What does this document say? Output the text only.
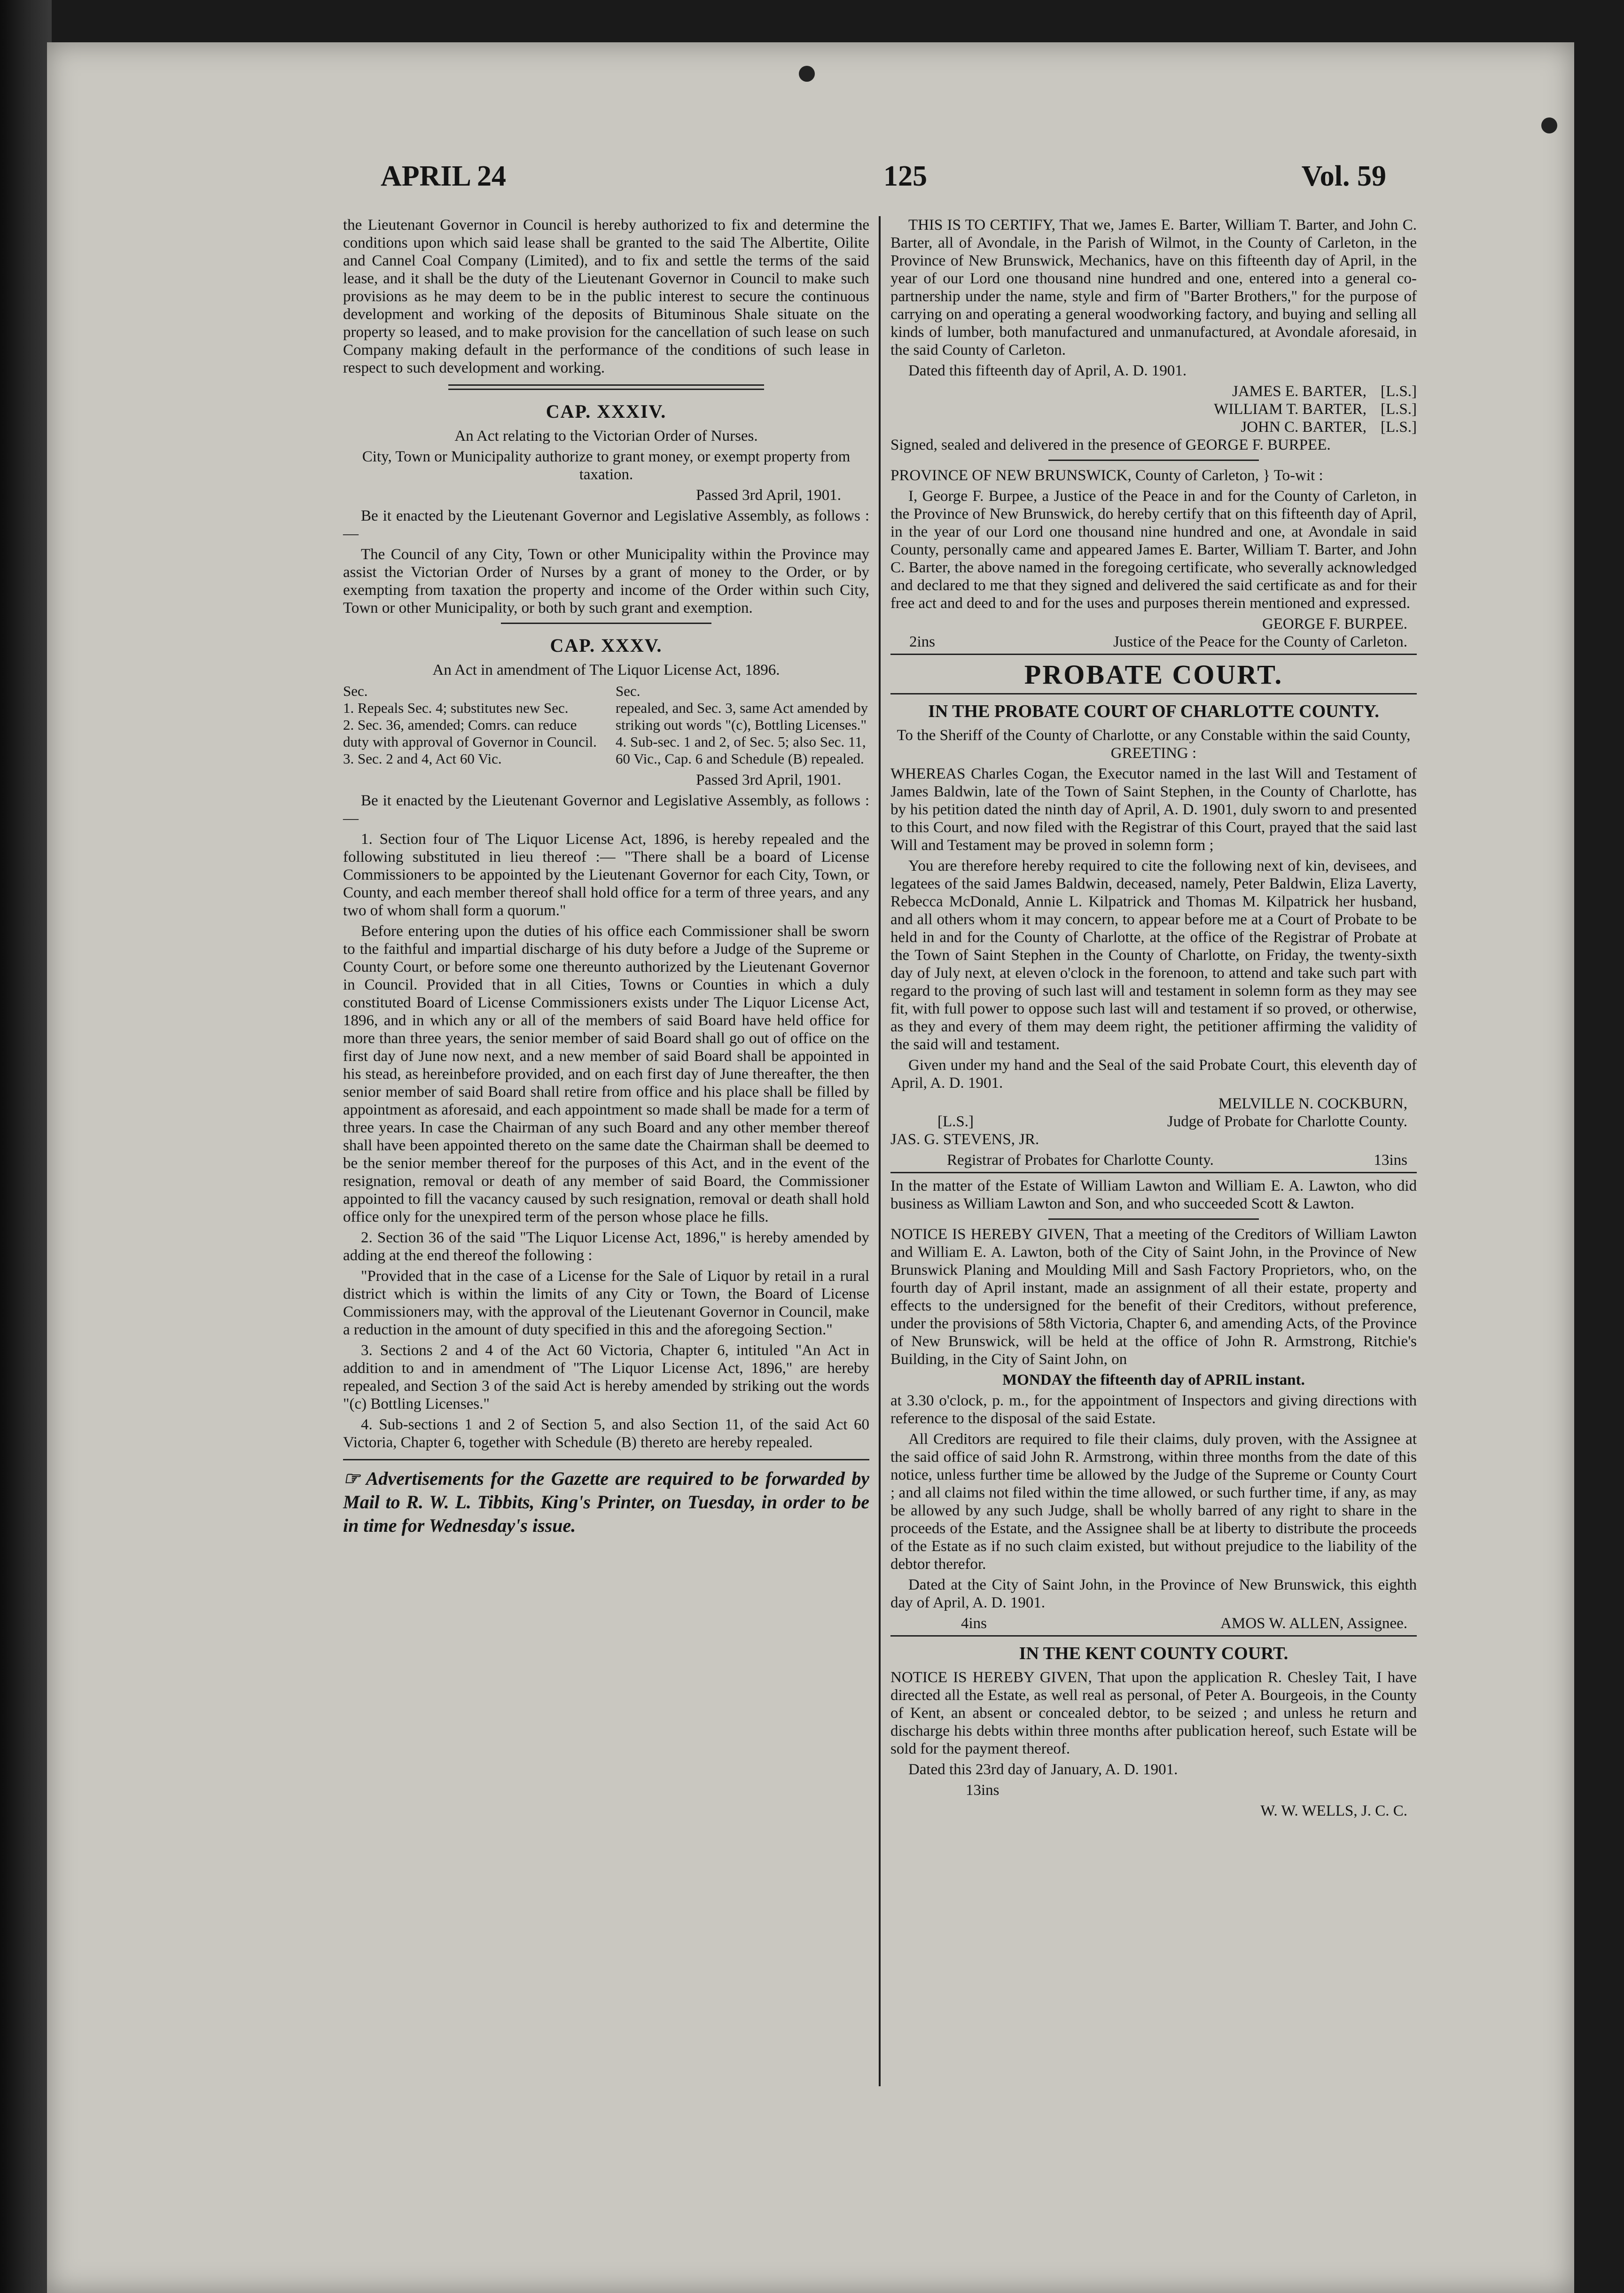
APRIL 24	125	Vol. 59

the Lieutenant Governor in Council is hereby authorized to fix and determine the conditions upon which said lease shall be granted to the said The Albertite, Oilite and Cannel Coal Company (Limited), and to fix and settle the terms of the said lease, and it shall be the duty of the Lieutenant Governor in Council to make such provisions as he may deem to be in the public interest to secure the continuous development and working of the deposits of Bituminous Shale situate on the property so leased, and to make provision for the cancellation of such lease on such Company making default in the performance of the conditions of such lease in respect to such development and working.

CAP. XXXIV.

An Act relating to the Victorian Order of Nurses.

City, Town or Municipality authorize to grant money, or exempt property from taxation.

Passed 3rd April, 1901.

Be it enacted by the Lieutenant Governor and Legislative Assembly, as follows :—

The Council of any City, Town or other Municipality within the Province may assist the Victorian Order of Nurses by a grant of money to the Order, or by exempting from taxation the property and income of the Order within such City, Town or other Municipality, or both by such grant and exemption.

CAP. XXXV.

An Act in amendment of The Liquor License Act, 1896.

Sec.
1. Repeals Sec. 4; substitutes new Sec.
2. Sec. 36, amended; Comrs. can reduce duty with approval of Governor in Council.
3. Sec. 2 and 4, Act 60 Vic.
Sec.
repealed, and Sec. 3, same Act amended by striking out words "(c), Bottling Licenses."
4. Sub-sec. 1 and 2, of Sec. 5; also Sec. 11, 60 Vic., Cap. 6 and Schedule (B) repealed.

Passed 3rd April, 1901.

Be it enacted by the Lieutenant Governor and Legislative Assembly, as follows :—

1. Section four of The Liquor License Act, 1896, is hereby repealed and the following substituted in lieu thereof :— "There shall be a board of License Commissioners to be appointed by the Lieutenant Governor for each City, Town, or County, and each member thereof shall hold office for a term of three years, and any two of whom shall form a quorum."

Before entering upon the duties of his office each Commissioner shall be sworn to the faithful and impartial discharge of his duty before a Judge of the Supreme or County Court, or before some one thereunto authorized by the Lieutenant Governor in Council. Provided that in all Cities, Towns or Counties in which a duly constituted Board of License Commissioners exists under The Liquor License Act, 1896, and in which any or all of the members of said Board have held office for more than three years, the senior member of said Board shall go out of office on the first day of June now next, and a new member of said Board shall be appointed in his stead, as hereinbefore provided, and on each first day of June thereafter, the then senior member of said Board shall retire from office and his place shall be filled by appointment as aforesaid, and each appointment so made shall be made for a term of three years. In case the Chairman of any such Board and any other member thereof shall have been appointed thereto on the same date the Chairman shall be deemed to be the senior member thereof for the purposes of this Act, and in the event of the resignation, removal or death of any member of said Board, the Commissioner appointed to fill the vacancy caused by such resignation, removal or death shall hold office only for the unexpired term of the person whose place he fills.

2. Section 36 of the said "The Liquor License Act, 1896," is hereby amended by adding at the end thereof the following :

"Provided that in the case of a License for the Sale of Liquor by retail in a rural district which is within the limits of any City or Town, the Board of License Commissioners may, with the approval of the Lieutenant Governor in Council, make a reduction in the amount of duty specified in this and the aforegoing Section."

3. Sections 2 and 4 of the Act 60 Victoria, Chapter 6, intituled "An Act in addition to and in amendment of "The Liquor License Act, 1896," are hereby repealed, and Section 3 of the said Act is hereby amended by striking out the words "(c) Bottling Licenses."

4. Sub-sections 1 and 2 of Section 5, and also Section 11, of the said Act 60 Victoria, Chapter 6, together with Schedule (B) thereto are hereby repealed.

☞ Advertisements for the Gazette are required to be forwarded by Mail to R. W. L. Tibbits, King's Printer, on Tuesday, in order to be in time for Wednesday's issue.

THIS IS TO CERTIFY, That we, James E. Barter, William T. Barter, and John C. Barter, all of Avondale, in the Parish of Wilmot, in the County of Carleton, in the Province of New Brunswick, Mechanics, have on this fifteenth day of April, in the year of our Lord one thousand nine hundred and one, entered into a general co-partnership under the name, style and firm of "Barter Brothers," for the purpose of carrying on and operating a general woodworking factory, and buying and selling all kinds of lumber, both manufactured and unmanufactured, at Avondale aforesaid, in the said County of Carleton.

Dated this fifteenth day of April, A. D. 1901.

JAMES E. BARTER, [L.S.]
WILLIAM T. BARTER, [L.S.]
JOHN C. BARTER, [L.S.]

Signed, sealed and delivered in the presence of GEORGE F. BURPEE.

PROVINCE OF NEW BRUNSWICK, County of Carleton, } To-wit :

I, George F. Burpee, a Justice of the Peace in and for the County of Carleton, in the Province of New Brunswick, do hereby certify that on this fifteenth day of April, in the year of our Lord one thousand nine hundred and one, at Avondale in said County, personally came and appeared James E. Barter, William T. Barter, and John C. Barter, the above named in the foregoing certificate, who severally acknowledged and declared to me that they signed and delivered the said certificate as and for their free act and deed to and for the uses and purposes therein mentioned and expressed.

GEORGE F. BURPEE.
2ins	Justice of the Peace for the County of Carleton.
PROBATE COURT.
IN THE PROBATE COURT OF CHARLOTTE COUNTY.

To the Sheriff of the County of Charlotte, or any Constable within the said County, GREETING :

WHEREAS Charles Cogan, the Executor named in the last Will and Testament of James Baldwin, late of the Town of Saint Stephen, in the County of Charlotte, has by his petition dated the ninth day of April, A. D. 1901, duly sworn to and presented to this Court, and now filed with the Registrar of this Court, prayed that the said last Will and Testament may be proved in solemn form ;

You are therefore hereby required to cite the following next of kin, devisees, and legatees of the said James Baldwin, deceased, namely, Peter Baldwin, Eliza Laverty, Rebecca McDonald, Annie L. Kilpatrick and Thomas M. Kilpatrick her husband, and all others whom it may concern, to appear before me at a Court of Probate to be held in and for the County of Charlotte, at the office of the Registrar of Probate at the Town of Saint Stephen in the County of Charlotte, on Friday, the twenty-sixth day of July next, at eleven o'clock in the forenoon, to attend and take such part with regard to the proving of such last will and testament in solemn form as they may see fit, with full power to oppose such last will and testament if so proved, or otherwise, as they and every of them may deem right, the petitioner affirming the validity of the said will and testament.

Given under my hand and the Seal of the said Probate Court, this eleventh day of April, A. D. 1901.

MELVILLE N. COCKBURN,
[L.S.]	Judge of Probate for Charlotte County.

JAS. G. STEVENS, JR.

Registrar of Probates for Charlotte County.	13ins

In the matter of the Estate of William Lawton and William E. A. Lawton, who did business as William Lawton and Son, and who succeeded Scott & Lawton.

NOTICE IS HEREBY GIVEN, That a meeting of the Creditors of William Lawton and William E. A. Lawton, both of the City of Saint John, in the Province of New Brunswick Planing and Moulding Mill and Sash Factory Proprietors, who, on the fourth day of April instant, made an assignment of all their estate, property and effects to the undersigned for the benefit of their Creditors, without preference, under the provisions of 58th Victoria, Chapter 6, and amending Acts, of the Province of New Brunswick, will be held at the office of John R. Armstrong, Ritchie's Building, in the City of Saint John, on

MONDAY the fifteenth day of APRIL instant.

at 3.30 o'clock, p. m., for the appointment of Inspectors and giving directions with reference to the disposal of the said Estate.

All Creditors are required to file their claims, duly proven, with the Assignee at the said office of said John R. Armstrong, within three months from the date of this notice, unless further time be allowed by the Judge of the Supreme or County Court ; and all claims not filed within the time allowed, or such further time, if any, as may be allowed by any such Judge, shall be wholly barred of any right to share in the proceeds of the Estate, and the Assignee shall be at liberty to distribute the proceeds of the Estate as if no such claim existed, but without prejudice to the liability of the debtor therefor.

Dated at the City of Saint John, in the Province of New Brunswick, this eighth day of April, A. D. 1901.

4ins	AMOS W. ALLEN, Assignee.
IN THE KENT COUNTY COURT.

NOTICE IS HEREBY GIVEN, That upon the application R. Chesley Tait, I have directed all the Estate, as well real as personal, of Peter A. Bourgeois, in the County of Kent, an absent or concealed debtor, to be seized ; and unless he return and discharge his debts within three months after publication hereof, such Estate will be sold for the payment thereof.

Dated this 23rd day of January, A. D. 1901.

13ins

W. W. WELLS, J. C. C.
